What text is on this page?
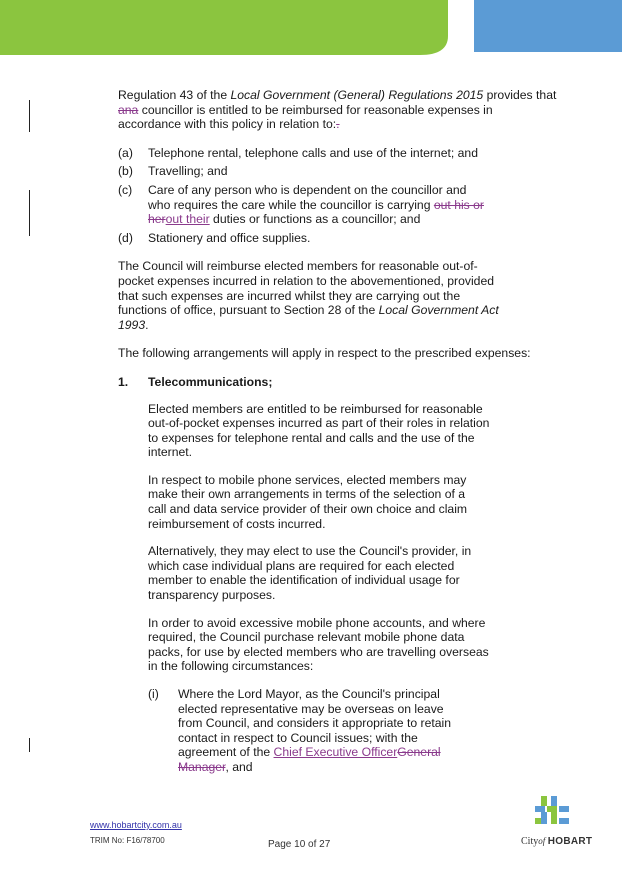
Regulation 43 of the Local Government (General) Regulations 2015 provides that ana councillor is entitled to be reimbursed for reasonable expenses in accordance with this policy in relation to:.

(a)	Telephone rental, telephone calls and use of the internet; and
(b)	Travelling; and
(c)	Care of any person who is dependent on the councillor and who requires the care while the councillor is carrying out his or herout their duties or functions as a councillor; and
(d)	Stationery and office supplies.

The Council will reimburse elected members for reasonable out-of-pocket expenses incurred in relation to the abovementioned, provided that such expenses are incurred whilst they are carrying out the functions of office, pursuant to Section 28 of the Local Government Act 1993.

The following arrangements will apply in respect to the prescribed expenses:

1.	Telecommunications;

Elected members are entitled to be reimbursed for reasonable out-of-pocket expenses incurred as part of their roles in relation to expenses for telephone rental and calls and the use of the internet.

In respect to mobile phone services, elected members may make their own arrangements in terms of the selection of a call and data service provider of their own choice and claim reimbursement of costs incurred.

Alternatively, they may elect to use the Council's provider, in which case individual plans are required for each elected member to enable the identification of individual usage for transparency purposes.

In order to avoid excessive mobile phone accounts, and where required, the Council purchase relevant mobile phone data packs, for use by elected members who are travelling overseas in the following circumstances:

(i)	Where the Lord Mayor, as the Council's principal elected representative may be overseas on leave from Council, and considers it appropriate to retain contact in respect to Council issues; with the agreement of the Chief Executive OfficerGeneral Manager, and
www.hobartcity.com.au
TRIM No: F16/78700	Page 10 of 27	Cityof HOBART
